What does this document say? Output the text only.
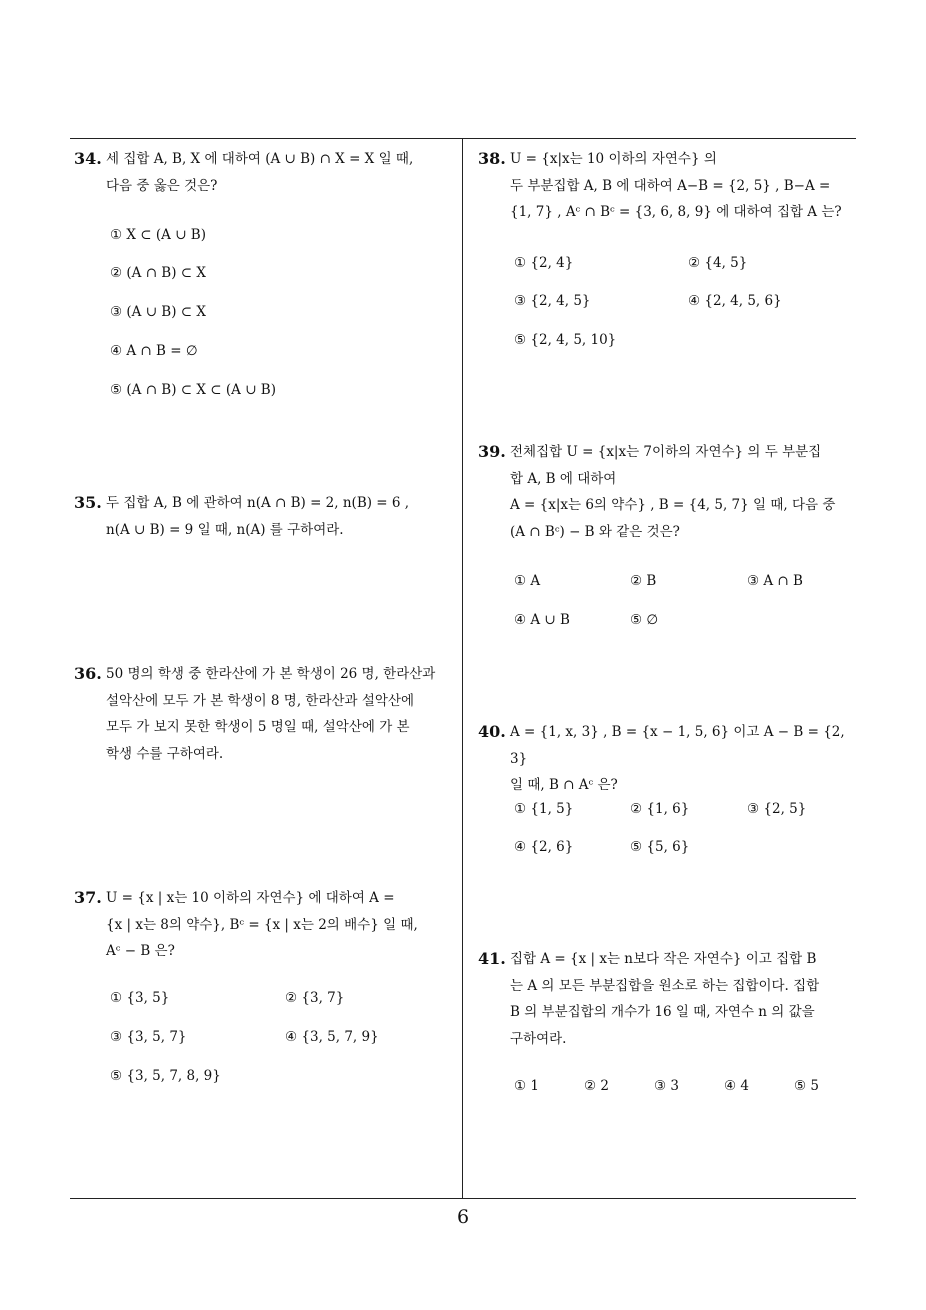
34. 세 집합 A, B, X 에 대하여 (A ∪ B) ∩ X = X 일 때,
다음 중 옳은 것은?
① X ⊂ (A ∪ B)
② (A ∩ B) ⊂ X
③ (A ∪ B) ⊂ X
④ A ∩ B = ∅
⑤ (A ∩ B) ⊂ X ⊂ (A ∪ B)
35. 두 집합 A, B 에 관하여 n(A ∩ B) = 2, n(B) = 6 ,
n(A ∪ B) = 9 일 때, n(A) 를 구하여라.
36. 50 명의 학생 중 한라산에 가 본 학생이 26 명, 한라산과
설악산에 모두 가 본 학생이 8 명, 한라산과 설악산에
모두 가 보지 못한 학생이 5 명일 때, 설악산에 가 본
학생 수를 구하여라.
37. U = {x | x는 10 이하의 자연수} 에 대하여 A =
{x | x는 8의 약수}, Bᶜ = {x | x는 2의 배수} 일 때,
Aᶜ − B 은?
① {3, 5}	② {3, 7}
③ {3, 5, 7}	④ {3, 5, 7, 9}
⑤ {3, 5, 7, 8, 9}
38. U = {x|x는 10 이하의 자연수} 의
두 부분집합 A, B 에 대하여 A−B = {2, 5} , B−A =
{1, 7} , Aᶜ ∩ Bᶜ = {3, 6, 8, 9} 에 대하여 집합 A 는?
① {2, 4}	② {4, 5}
③ {2, 4, 5}	④ {2, 4, 5, 6}
⑤ {2, 4, 5, 10}
39. 전체집합 U = {x|x는 7이하의 자연수} 의 두 부분집
합 A, B 에 대하여
A = {x|x는 6의 약수} , B = {4, 5, 7} 일 때, 다음 중
(A ∩ Bᶜ) − B 와 같은 것은?
① A	② B	③ A ∩ B
④ A ∪ B	⑤ ∅
40. A = {1, x, 3} , B = {x − 1, 5, 6} 이고 A − B = {2, 3}
일 때, B ∩ Aᶜ 은?
① {1, 5}	② {1, 6}	③ {2, 5}
④ {2, 6}	⑤ {5, 6}
41. 집합 A = {x | x는 n보다 작은 자연수} 이고 집합 B
는 A 의 모든 부분집합을 원소로 하는 집합이다. 집합
B 의 부분집합의 개수가 16 일 때, 자연수 n 의 값을
구하여라.
① 1	② 2	③ 3	④ 4	⑤ 5
6
